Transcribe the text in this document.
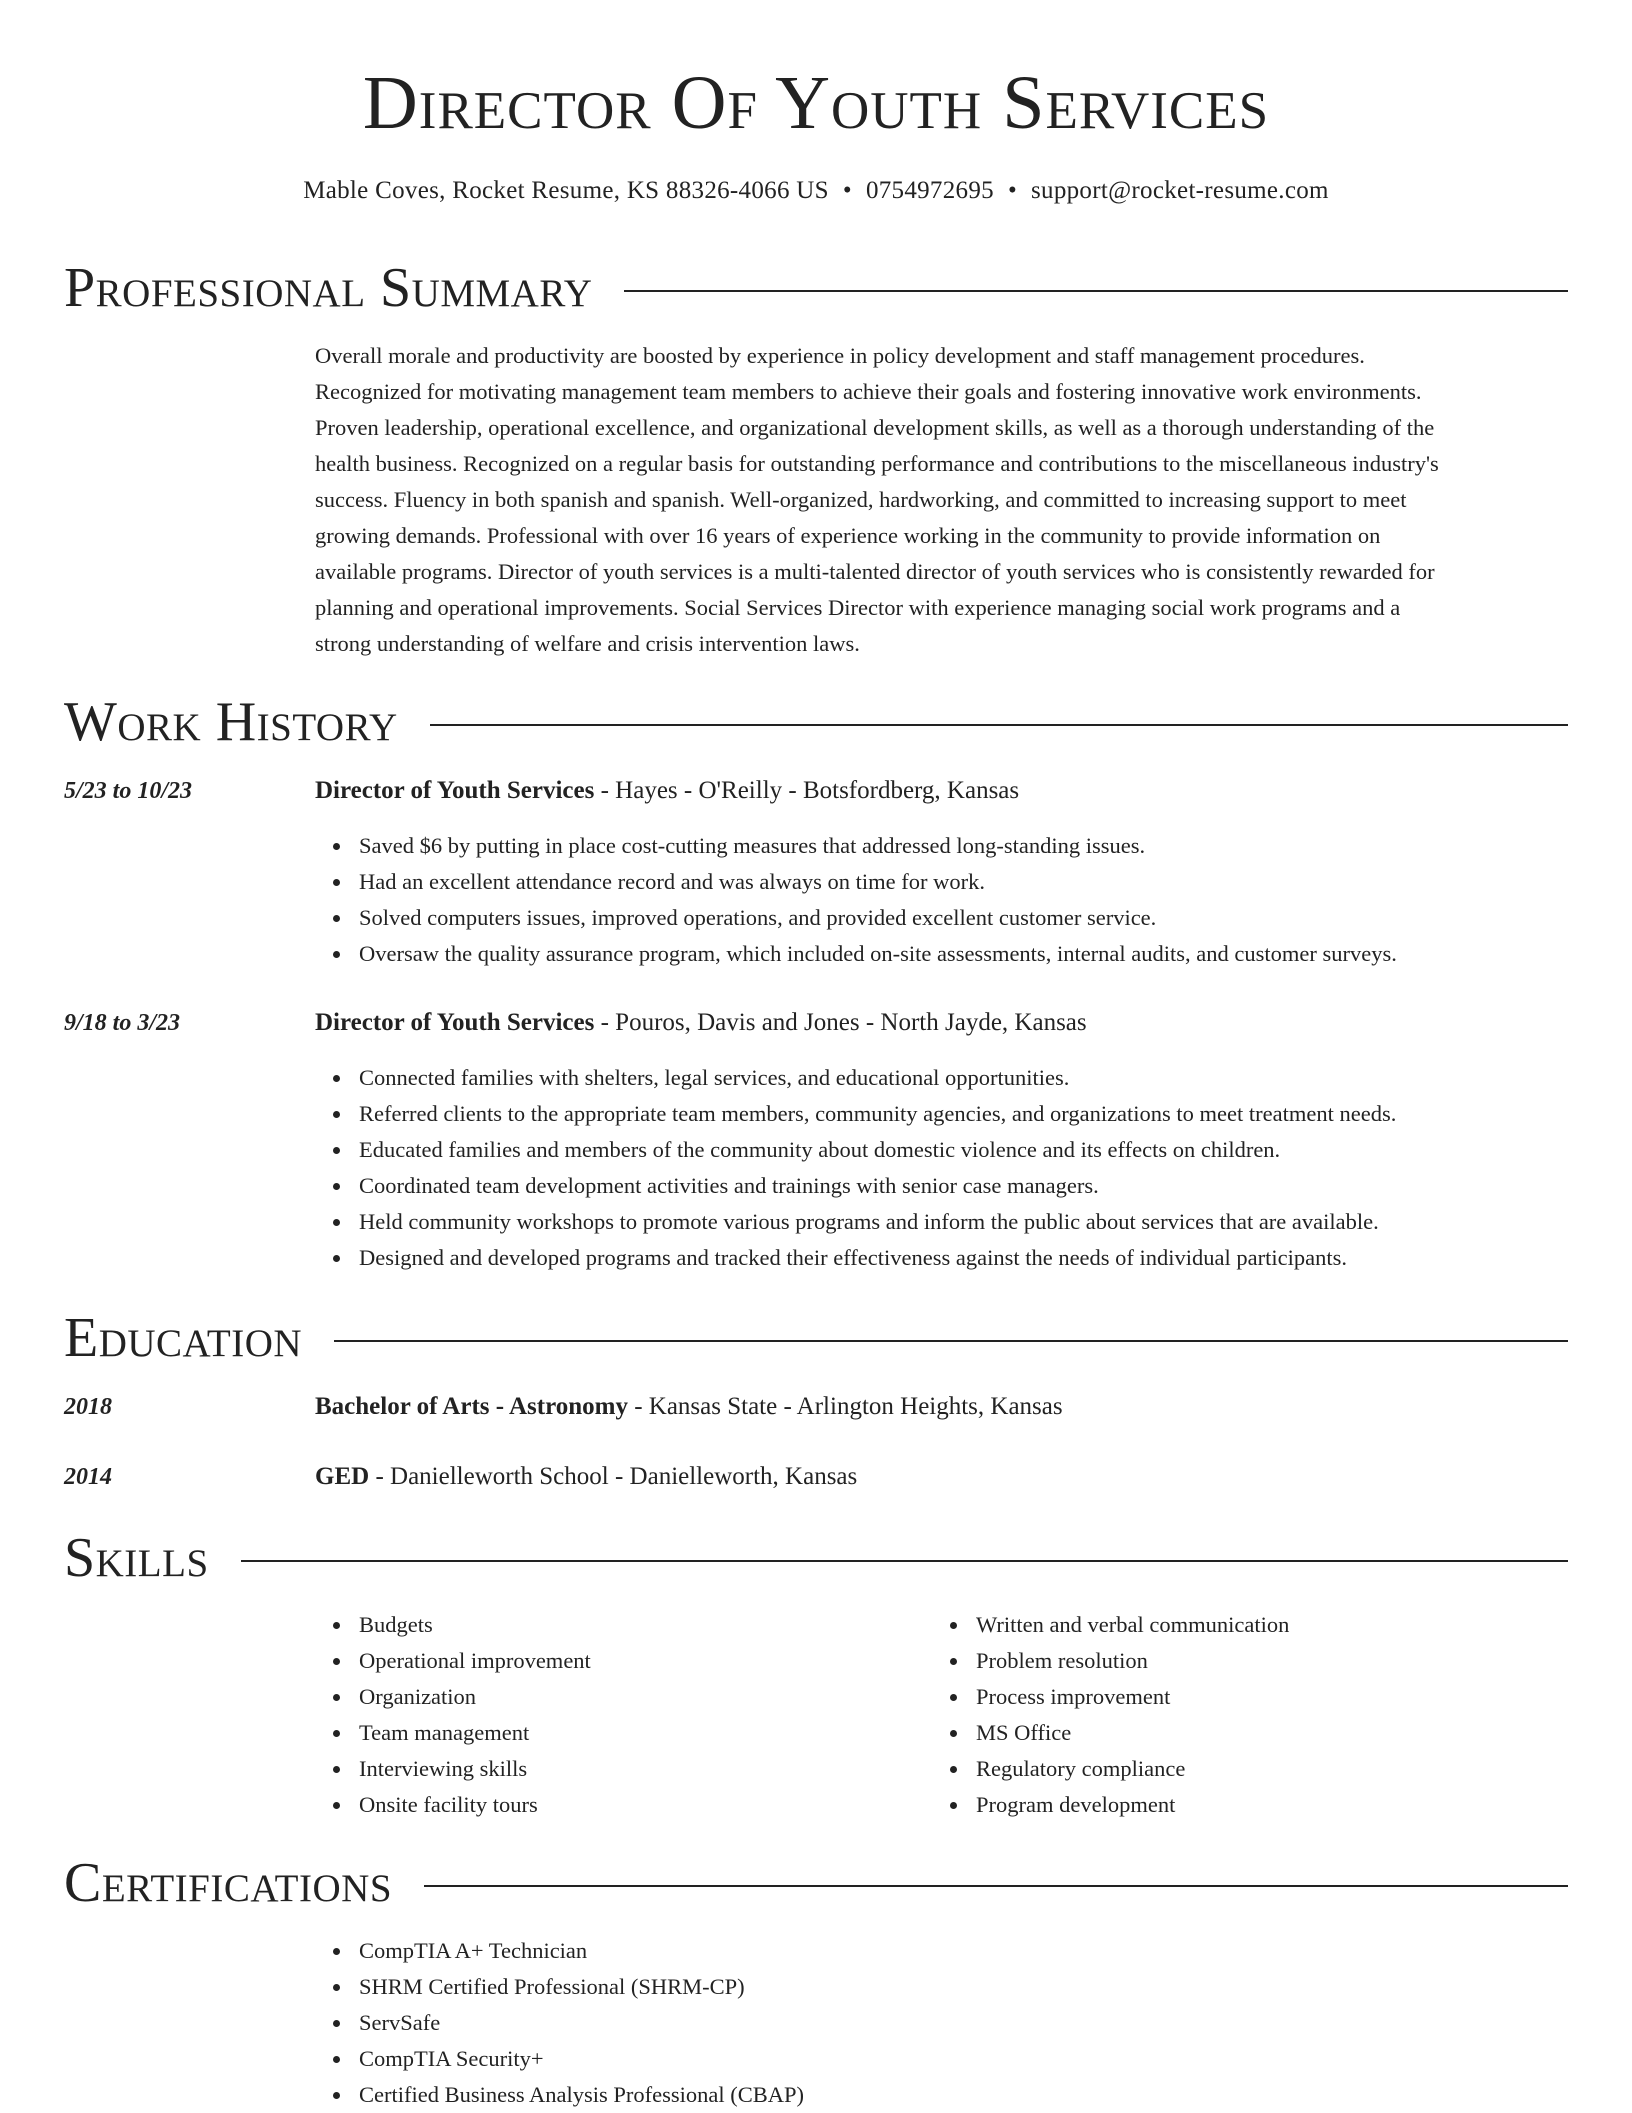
Director Of Youth Services
Mable Coves, Rocket Resume, KS 88326-4066 US • 0754972695 • support@rocket-resume.com
Professional Summary
Overall morale and productivity are boosted by experience in policy development and staff management procedures.
Recognized for motivating management team members to achieve their goals and fostering innovative work environments.
Proven leadership, operational excellence, and organizational development skills, as well as a thorough understanding of the
health business. Recognized on a regular basis for outstanding performance and contributions to the miscellaneous industry's
success. Fluency in both spanish and spanish. Well-organized, hardworking, and committed to increasing support to meet
growing demands. Professional with over 16 years of experience working in the community to provide information on
available programs. Director of youth services is a multi-talented director of youth services who is consistently rewarded for
planning and operational improvements. Social Services Director with experience managing social work programs and a
strong understanding of welfare and crisis intervention laws.
Work History
5/23 to 10/23	Director of Youth Services - Hayes - O'Reilly - Botsfordberg, Kansas
Saved $6 by putting in place cost-cutting measures that addressed long-standing issues.
Had an excellent attendance record and was always on time for work.
Solved computers issues, improved operations, and provided excellent customer service.
Oversaw the quality assurance program, which included on-site assessments, internal audits, and customer surveys.
9/18 to 3/23	Director of Youth Services - Pouros, Davis and Jones - North Jayde, Kansas
Connected families with shelters, legal services, and educational opportunities.
Referred clients to the appropriate team members, community agencies, and organizations to meet treatment needs.
Educated families and members of the community about domestic violence and its effects on children.
Coordinated team development activities and trainings with senior case managers.
Held community workshops to promote various programs and inform the public about services that are available.
Designed and developed programs and tracked their effectiveness against the needs of individual participants.
Education
2018	Bachelor of Arts - Astronomy - Kansas State - Arlington Heights, Kansas
2014	GED - Danielleworth School - Danielleworth, Kansas
Skills
Budgets
Operational improvement
Organization
Team management
Interviewing skills
Onsite facility tours
Written and verbal communication
Problem resolution
Process improvement
MS Office
Regulatory compliance
Program development
Certifications
CompTIA A+ Technician
SHRM Certified Professional (SHRM-CP)
ServSafe
CompTIA Security+
Certified Business Analysis Professional (CBAP)
